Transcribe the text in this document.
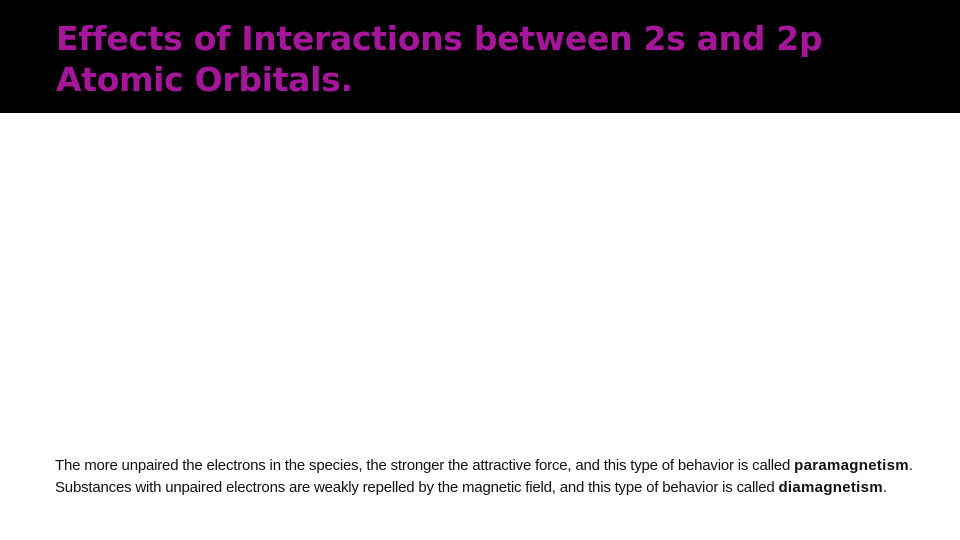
Effects of Interactions between 2s and 2p Atomic Orbitals.

The more unpaired the electrons in the species, the stronger the attractive force, and this type of behavior is called paramagnetism. Substances with unpaired electrons are weakly repelled by the magnetic field, and this type of behavior is called diamagnetism.
